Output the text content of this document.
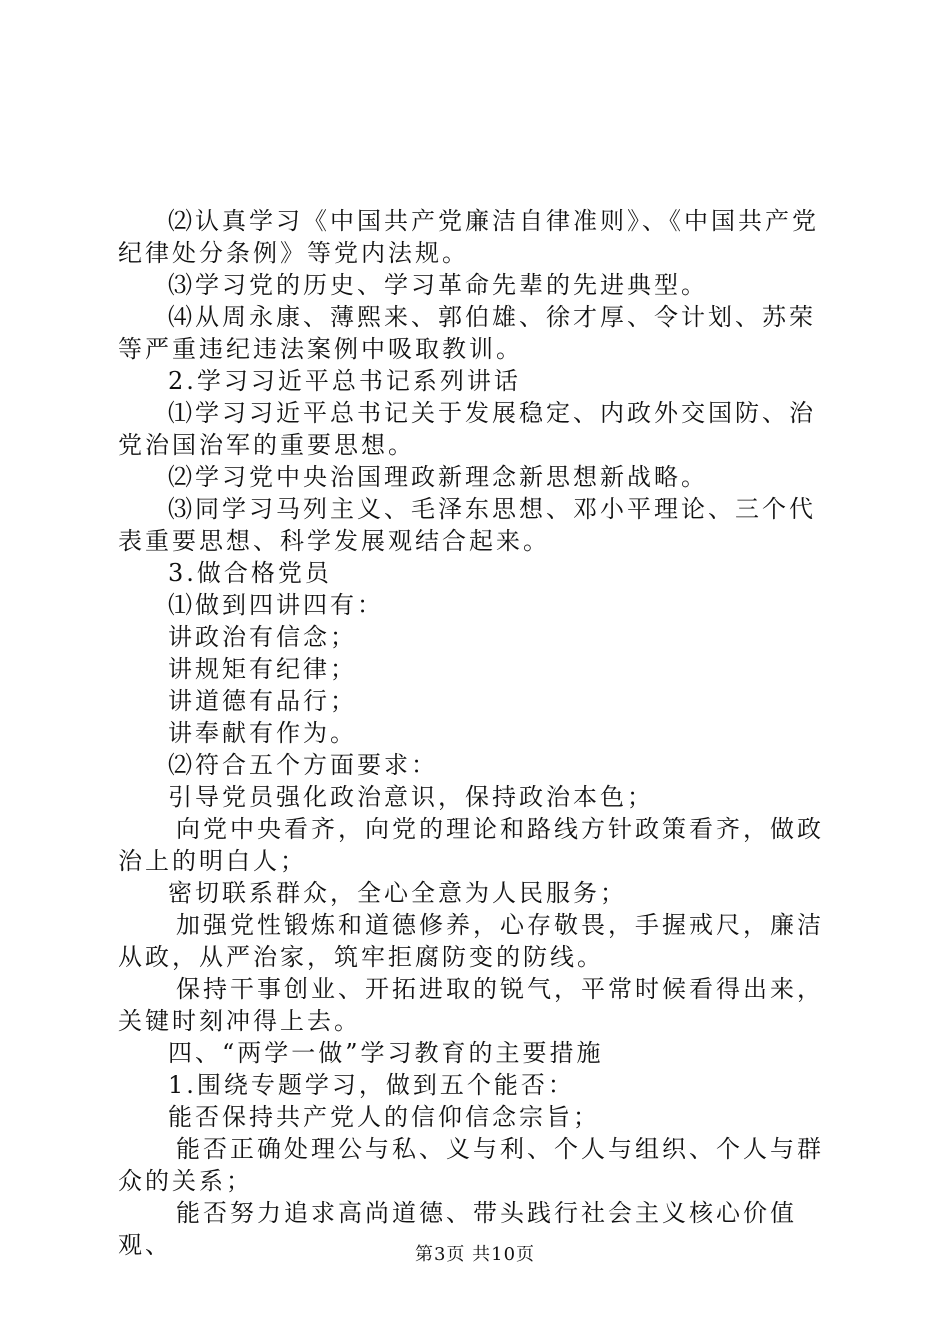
⑵认真学习《中国共产党廉洁自律准则》、《中国共产党纪律处分条例》等党内法规。

⑶学习党的历史、学习革命先辈的先进典型。

⑷从周永康、薄熙来、郭伯雄、徐才厚、令计划、苏荣等严重违纪违法案例中吸取教训。

2.学习习近平总书记系列讲话

⑴学习习近平总书记关于发展稳定、内政外交国防、治党治国治军的重要思想。

⑵学习党中央治国理政新理念新思想新战略。

⑶同学习马列主义、毛泽东思想、邓小平理论、三个代表重要思想、科学发展观结合起来。

3.做合格党员

⑴做到四讲四有：

讲政治有信念；

讲规矩有纪律；

讲道德有品行；

讲奉献有作为。

⑵符合五个方面要求：

引导党员强化政治意识，保持政治本色；

向党中央看齐，向党的理论和路线方针政策看齐，做政治上的明白人；

密切联系群众，全心全意为人民服务；

加强党性锻炼和道德修养，心存敬畏，手握戒尺，廉洁从政，从严治家，筑牢拒腐防变的防线。

保持干事创业、开拓进取的锐气，平常时候看得出来，关键时刻冲得上去。

四、“两学一做”学习教育的主要措施

1.围绕专题学习，做到五个能否：

能否保持共产党人的信仰信念宗旨；

能否正确处理公与私、义与利、个人与组织、个人与群众的关系；

能否努力追求高尚道德、带头践行社会主义核心价值观、	第3页 共10页
